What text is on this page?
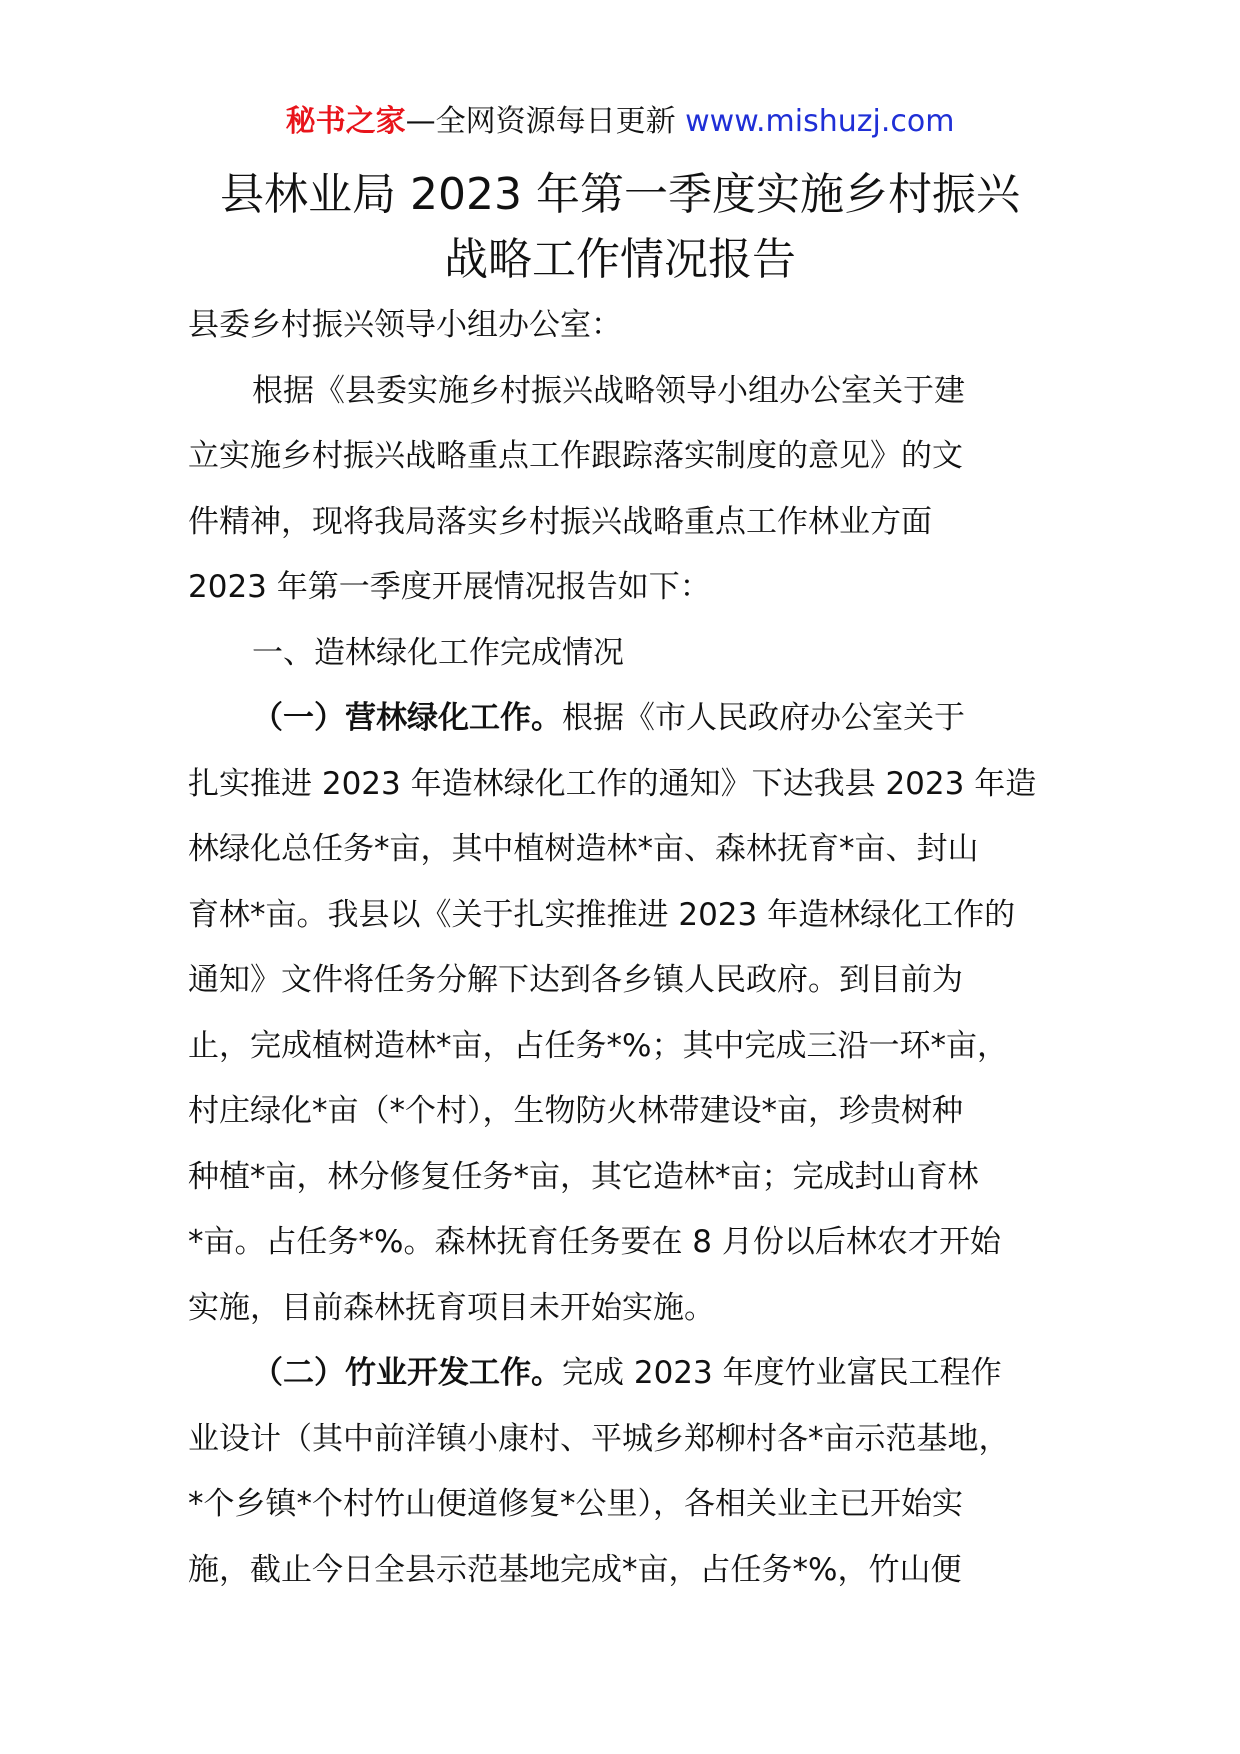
秘书之家—全网资源每日更新 www.mishuzj.com
县林业局 2023 年第一季度实施乡村振兴
战略工作情况报告
县委乡村振兴领导小组办公室：
根据《县委实施乡村振兴战略领导小组办公室关于建
立实施乡村振兴战略重点工作跟踪落实制度的意见》的文
件精神，现将我局落实乡村振兴战略重点工作林业方面
2023 年第一季度开展情况报告如下：
一、造林绿化工作完成情况
（一）营林绿化工作。根据《市人民政府办公室关于
扎实推进 2023 年造林绿化工作的通知》下达我县 2023 年造
林绿化总任务*亩，其中植树造林*亩、森林抚育*亩、封山
育林*亩。我县以《关于扎实推推进 2023 年造林绿化工作的
通知》文件将任务分解下达到各乡镇人民政府。到目前为
止，完成植树造林*亩，占任务*%；其中完成三沿一环*亩，
村庄绿化*亩（*个村），生物防火林带建设*亩，珍贵树种
种植*亩，林分修复任务*亩，其它造林*亩；完成封山育林
*亩。占任务*%。森林抚育任务要在 8 月份以后林农才开始
实施，目前森林抚育项目未开始实施。
（二）竹业开发工作。完成 2023 年度竹业富民工程作
业设计（其中前洋镇小康村、平城乡郑柳村各*亩示范基地，
*个乡镇*个村竹山便道修复*公里），各相关业主已开始实
施，截止今日全县示范基地完成*亩，占任务*%，竹山便
